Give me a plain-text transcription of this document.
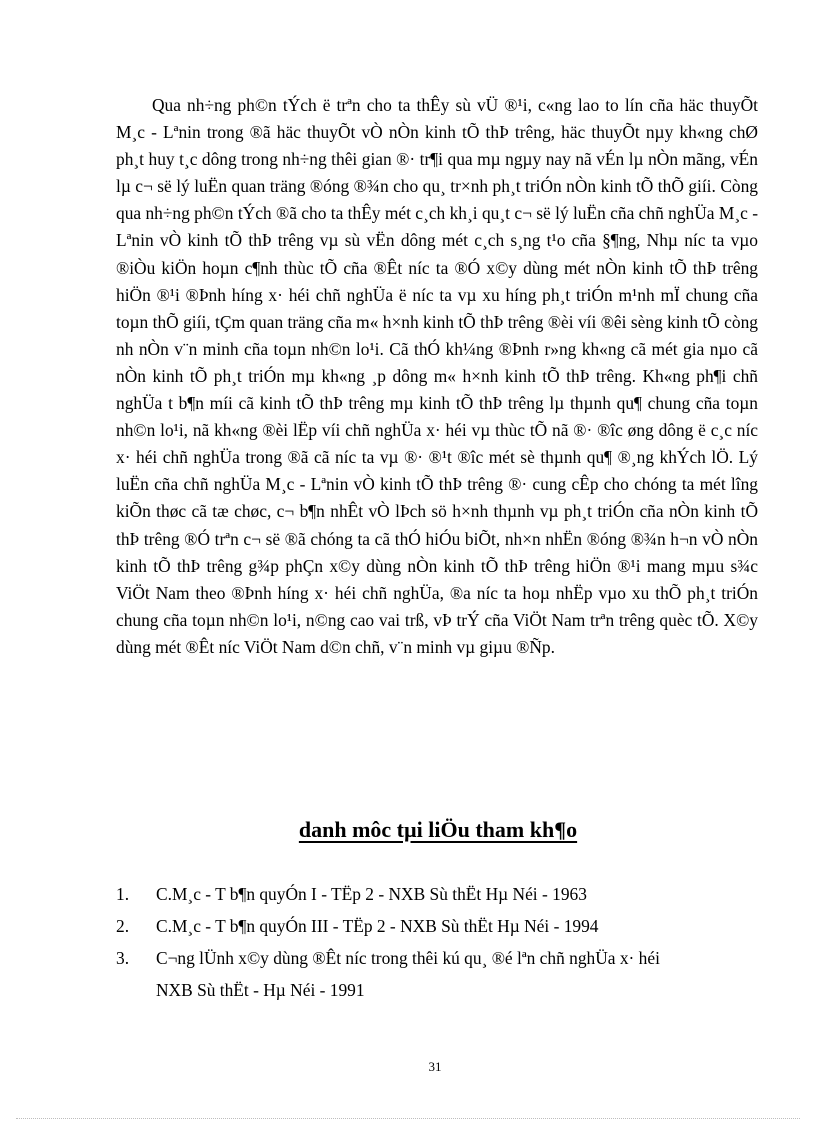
Qua nh÷ng ph©n tÝch ë trªn cho ta thÊy sù vÜ ®¹i, c«ng lao to lín cña häc thuyÕt M¸c - Lªnin trong ®ã häc thuyÕt vÒ nÒn kinh tÕ thÞ trêng, häc thuyÕt nµy kh«ng chØ ph¸t huy t¸c dông trong nh÷ng thêi gian ®· tr¶i qua mµ ngµy nay nã vÉn lµ nÒn mãng, vÉn lµ c¬ së lý luËn quan träng ®óng ®¾n cho qu¸ tr×nh ph¸t triÓn nÒn kinh tÕ thÕ giíi. Còng qua nh÷ng ph©n tÝch ®ã cho ta thÊy mét c¸ch kh¸i qu¸t c¬ së lý luËn cña chñ nghÜa M¸c - Lªnin vÒ kinh tÕ thÞ trêng vµ sù vËn dông mét c¸ch s¸ng t¹o cña §¶ng, Nhµ níc ta vµo ®iÒu kiÖn hoµn c¶nh thùc tÕ cña ®Êt níc ta ®Ó x©y dùng mét nÒn kinh tÕ thÞ trêng hiÖn ®¹i ®Þnh híng x· héi chñ nghÜa ë níc ta vµ xu híng ph¸t triÓn m¹nh mÏ chung cña toµn thÕ giíi, tÇm quan träng cña m« h×nh kinh tÕ thÞ trêng ®èi víi ®êi sèng kinh tÕ còng nh nÒn v¨n minh cña toµn nh©n lo¹i. Cã thÓ kh¼ng ®Þnh r»ng kh«ng cã mét gia nµo cã nÒn kinh tÕ ph¸t triÓn mµ kh«ng ¸p dông m« h×nh kinh tÕ thÞ trêng. Kh«ng ph¶i chñ nghÜa t b¶n míi cã kinh tÕ thÞ trêng mµ kinh tÕ thÞ trêng lµ thµnh qu¶ chung cña toµn nh©n lo¹i, nã kh«ng ®èi lËp víi chñ nghÜa x· héi vµ thùc tÕ nã ®· ®îc øng dông ë c¸c níc x· héi chñ nghÜa trong ®ã cã níc ta vµ ®· ®¹t ®îc mét sè thµnh qu¶ ®¸ng khÝch lÖ. Lý luËn cña chñ nghÜa M¸c - Lªnin vÒ kinh tÕ thÞ trêng ®· cung cÊp cho chóng ta mét lîng kiÕn thøc cã tæ chøc, c¬ b¶n nhÊt vÒ lÞch sö h×nh thµnh vµ ph¸t triÓn cña nÒn kinh tÕ thÞ trêng ®Ó trªn c¬ së ®ã chóng ta cã thÓ hiÓu biÕt, nh×n nhËn ®óng ®¾n h¬n vÒ nÒn kinh tÕ thÞ trêng g¾p phÇn x©y dùng nÒn kinh tÕ thÞ trêng hiÖn ®¹i mang mµu s¾c ViÖt Nam theo ®Þnh híng x· héi chñ nghÜa, ®a níc ta hoµ nhËp vµo xu thÕ ph¸t triÓn chung cña toµn nh©n lo¹i, n©ng cao vai trß, vÞ trÝ cña ViÖt Nam trªn trêng quèc tÕ. X©y dùng mét ®Êt níc ViÖt Nam d©n chñ, v¨n minh vµ giµu ®Ñp.

danh môc tµi liÖu tham kh¶o
1. C.M¸c - T b¶n quyÓn I - TËp 2 - NXB Sù thËt Hµ Néi - 1963
2. C.M¸c - T b¶n quyÓn III - TËp 2 - NXB Sù thËt Hµ Néi - 1994
3. C¬ng lÜnh x©y dùng ®Êt níc trong thêi kú qu¸ ®é lªn chñ nghÜa x· héi
NXB Sù thËt - Hµ Néi - 1991
31
